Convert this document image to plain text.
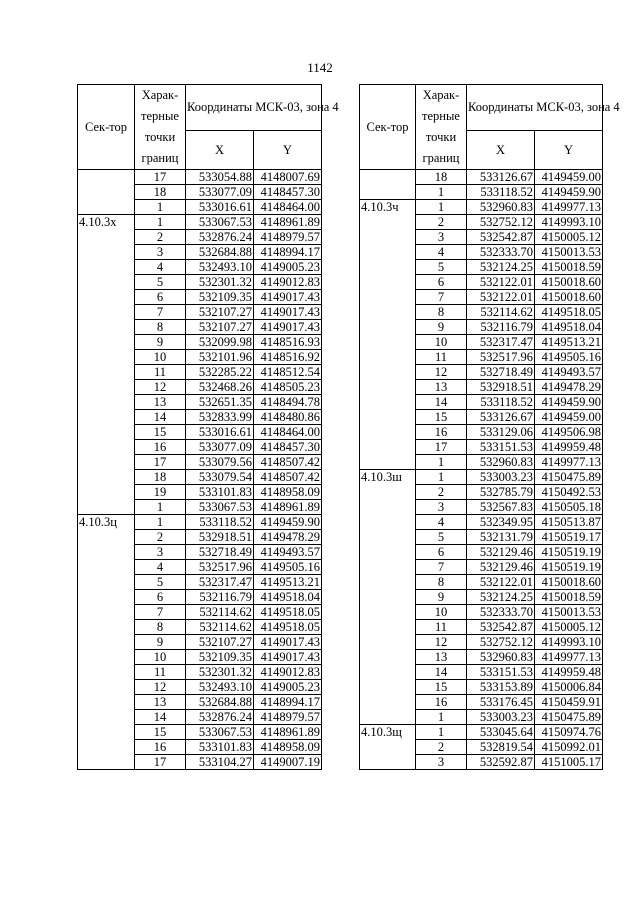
1142
Сек-тор	Харак-терные точки границ	Координаты МСК-03, зона 4	
		X	Y
	17	533054.88	4148007.69
	18	533077.09	4148457.30
	1	533016.61	4148464.00
4.10.3х	1	533067.53	4148961.89
	2	532876.24	4148979.57
	3	532684.88	4148994.17
	4	532493.10	4149005.23
	5	532301.32	4149012.83
	6	532109.35	4149017.43
	7	532107.27	4149017.43
	8	532107.27	4149017.43
	9	532099.98	4148516.93
	10	532101.96	4148516.92
	11	532285.22	4148512.54
	12	532468.26	4148505.23
	13	532651.35	4148494.78
	14	532833.99	4148480.86
	15	533016.61	4148464.00
	16	533077.09	4148457.30
	17	533079.56	4148507.42
	18	533079.54	4148507.42
	19	533101.83	4148958.09
	1	533067.53	4148961.89
4.10.3ц	1	533118.52	4149459.90
	2	532918.51	4149478.29
	3	532718.49	4149493.57
	4	532517.96	4149505.16
	5	532317.47	4149513.21
	6	532116.79	4149518.04
	7	532114.62	4149518.05
	8	532114.62	4149518.05
	9	532107.27	4149017.43
	10	532109.35	4149017.43
	11	532301.32	4149012.83
	12	532493.10	4149005.23
	13	532684.88	4148994.17
	14	532876.24	4148979.57
	15	533067.53	4148961.89
	16	533101.83	4148958.09
	17	533104.27	4149007.19
Сек-тор	Харак-терные точки границ	Координаты МСК-03, зона 4	
		X	Y
	18	533126.67	4149459.00
	1	533118.52	4149459.90
4.10.3ч	1	532960.83	4149977.13
	2	532752.12	4149993.10
	3	532542.87	4150005.12
	4	532333.70	4150013.53
	5	532124.25	4150018.59
	6	532122.01	4150018.60
	7	532122.01	4150018.60
	8	532114.62	4149518.05
	9	532116.79	4149518.04
	10	532317.47	4149513.21
	11	532517.96	4149505.16
	12	532718.49	4149493.57
	13	532918.51	4149478.29
	14	533118.52	4149459.90
	15	533126.67	4149459.00
	16	533129.06	4149506.98
	17	533151.53	4149959.48
	1	532960.83	4149977.13
4.10.3ш	1	533003.23	4150475.89
	2	532785.79	4150492.53
	3	532567.83	4150505.18
	4	532349.95	4150513.87
	5	532131.79	4150519.17
	6	532129.46	4150519.19
	7	532129.46	4150519.19
	8	532122.01	4150018.60
	9	532124.25	4150018.59
	10	532333.70	4150013.53
	11	532542.87	4150005.12
	12	532752.12	4149993.10
	13	532960.83	4149977.13
	14	533151.53	4149959.48
	15	533153.89	4150006.84
	16	533176.45	4150459.91
	1	533003.23	4150475.89
4.10.3щ	1	533045.64	4150974.76
	2	532819.54	4150992.01
	3	532592.87	4151005.17
